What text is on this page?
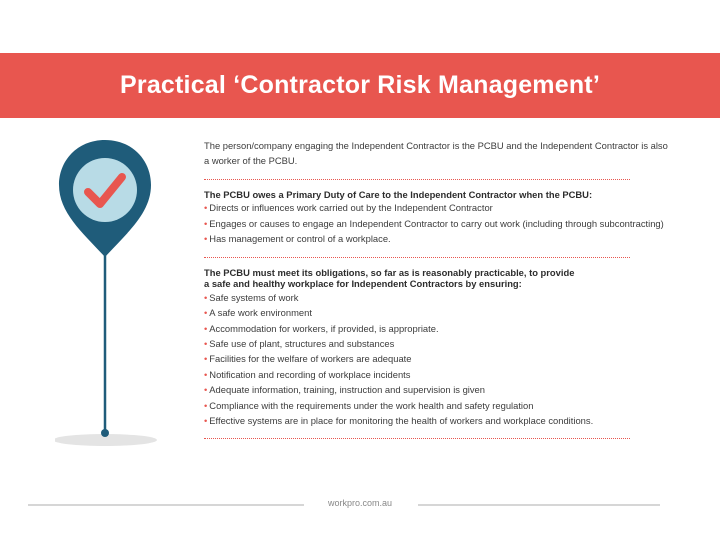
Practical ‘Contractor Risk Management’

The person/company engaging the Independent Contractor is the PCBU and the Independent Contractor is also a worker of the PCBU.

The PCBU owes a Primary Duty of Care to the Independent Contractor when the PCBU:

• Directs or influences work carried out by the Independent Contractor
• Engages or causes to engage an Independent Contractor to carry out work (including through subcontracting)
• Has management or control of a workplace.

The PCBU must meet its obligations, so far as is reasonably practicable, to provide

a safe and healthy workplace for Independent Contractors by ensuring:

• Safe systems of work
• A safe work environment
• Accommodation for workers, if provided, is appropriate.
• Safe use of plant, structures and substances
• Facilities for the welfare of workers are adequate
• Notification and recording of workplace incidents
• Adequate information, training, instruction and supervision is given
• Compliance with the requirements under the work health and safety regulation
• Effective systems are in place for monitoring the health of workers and workplace conditions.
workpro.com.au
